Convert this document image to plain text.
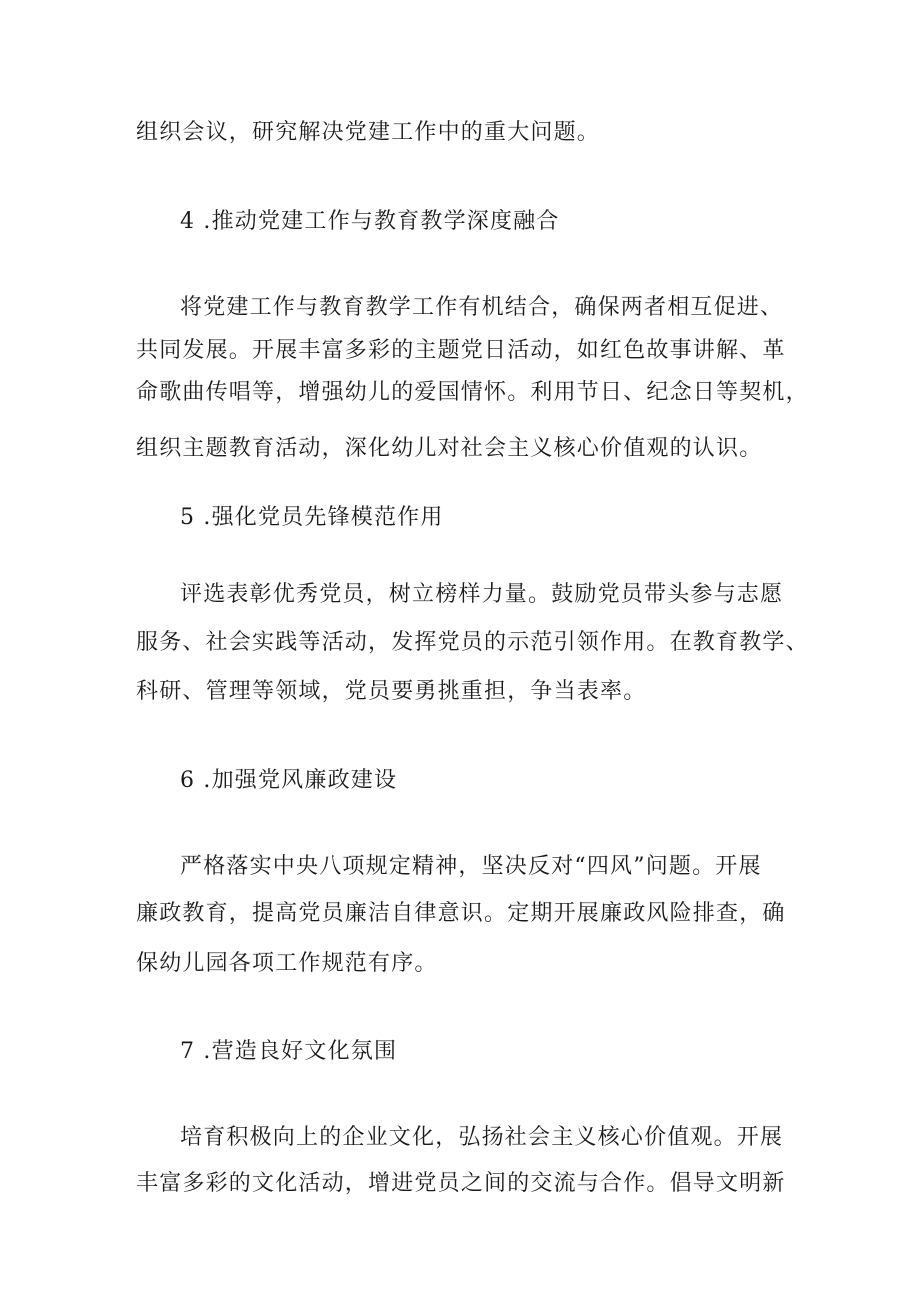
组织会议，研究解决党建工作中的重大问题。
4 .推动党建工作与教育教学深度融合
将党建工作与教育教学工作有机结合，确保两者相互促进、
共同发展。开展丰富多彩的主题党日活动，如红色故事讲解、革
命歌曲传唱等，增强幼儿的爱国情怀。利用节日、纪念日等契机，
组织主题教育活动，深化幼儿对社会主义核心价值观的认识。
5 .强化党员先锋模范作用
评选表彰优秀党员，树立榜样力量。鼓励党员带头参与志愿
服务、社会实践等活动，发挥党员的示范引领作用。在教育教学、
科研、管理等领域，党员要勇挑重担，争当表率。
6 .加强党风廉政建设
严格落实中央八项规定精神，坚决反对“四风”问题。开展
廉政教育，提高党员廉洁自律意识。定期开展廉政风险排查，确
保幼儿园各项工作规范有序。
7 .营造良好文化氛围
培育积极向上的企业文化，弘扬社会主义核心价值观。开展
丰富多彩的文化活动，增进党员之间的交流与合作。倡导文明新
